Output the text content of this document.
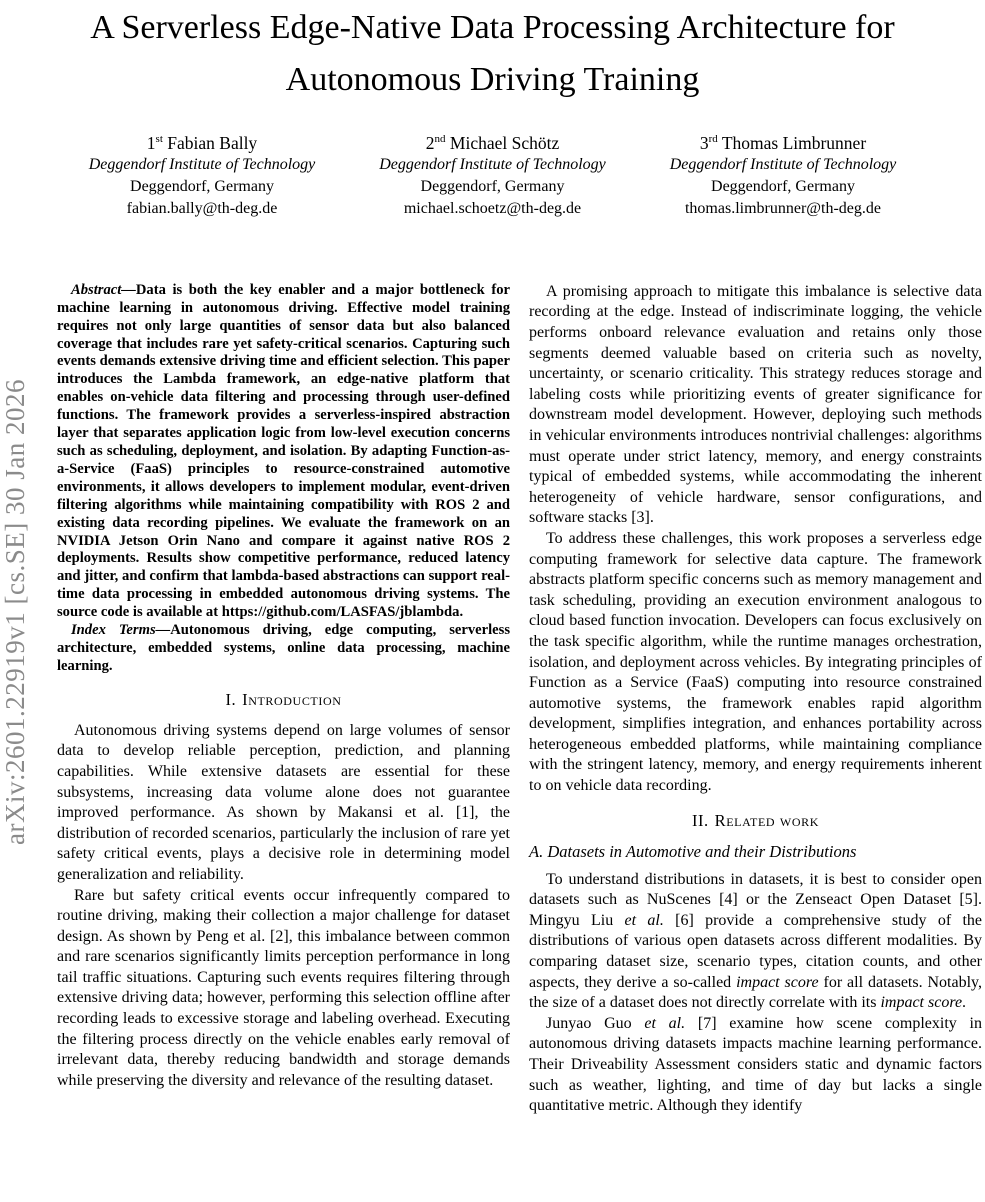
arXiv:2601.22919v1 [cs.SE] 30 Jan 2026
A Serverless Edge-Native Data Processing Architecture for Autonomous Driving Training
1st Fabian Bally
Deggendorf Institute of Technology
Deggendorf, Germany
fabian.bally@th-deg.de
2nd Michael Schötz
Deggendorf Institute of Technology
Deggendorf, Germany
michael.schoetz@th-deg.de
3rd Thomas Limbrunner
Deggendorf Institute of Technology
Deggendorf, Germany
thomas.limbrunner@th-deg.de

Abstract—Data is both the key enabler and a major bottleneck for machine learning in autonomous driving. Effective model training requires not only large quantities of sensor data but also balanced coverage that includes rare yet safety-critical scenarios. Capturing such events demands extensive driving time and efficient selection. This paper introduces the Lambda framework, an edge-native platform that enables on-vehicle data filtering and processing through user-defined functions. The framework provides a serverless-inspired abstraction layer that separates application logic from low-level execution concerns such as scheduling, deployment, and isolation. By adapting Function-as-a-Service (FaaS) principles to resource-constrained automotive environments, it allows developers to implement modular, event-driven filtering algorithms while maintaining compatibility with ROS 2 and existing data recording pipelines. We evaluate the framework on an NVIDIA Jetson Orin Nano and compare it against native ROS 2 deployments. Results show competitive performance, reduced latency and jitter, and confirm that lambda-based abstractions can support real-time data processing in embedded autonomous driving systems. The source code is available at https://github.com/LASFAS/jblambda.

Index Terms—Autonomous driving, edge computing, serverless architecture, embedded systems, online data processing, machine learning.

I. Introduction

Autonomous driving systems depend on large volumes of sensor data to develop reliable perception, prediction, and planning capabilities. While extensive datasets are essential for these subsystems, increasing data volume alone does not guarantee improved performance. As shown by Makansi et al. [1], the distribution of recorded scenarios, particularly the inclusion of rare yet safety critical events, plays a decisive role in determining model generalization and reliability.

Rare but safety critical events occur infrequently compared to routine driving, making their collection a major challenge for dataset design. As shown by Peng et al. [2], this imbalance between common and rare scenarios significantly limits perception performance in long tail traffic situations. Capturing such events requires filtering through extensive driving data; however, performing this selection offline after recording leads to excessive storage and labeling overhead. Executing the filtering process directly on the vehicle enables early removal of irrelevant data, thereby reducing bandwidth and storage demands while preserving the diversity and relevance of the resulting dataset.

A promising approach to mitigate this imbalance is selective data recording at the edge. Instead of indiscriminate logging, the vehicle performs onboard relevance evaluation and retains only those segments deemed valuable based on criteria such as novelty, uncertainty, or scenario criticality. This strategy reduces storage and labeling costs while prioritizing events of greater significance for downstream model development. However, deploying such methods in vehicular environments introduces nontrivial challenges: algorithms must operate under strict latency, memory, and energy constraints typical of embedded systems, while accommodating the inherent heterogeneity of vehicle hardware, sensor configurations, and software stacks [3].

To address these challenges, this work proposes a serverless edge computing framework for selective data capture. The framework abstracts platform specific concerns such as memory management and task scheduling, providing an execution environment analogous to cloud based function invocation. Developers can focus exclusively on the task specific algorithm, while the runtime manages orchestration, isolation, and deployment across vehicles. By integrating principles of Function as a Service (FaaS) computing into resource constrained automotive systems, the framework enables rapid algorithm development, simplifies integration, and enhances portability across heterogeneous embedded platforms, while maintaining compliance with the stringent latency, memory, and energy requirements inherent to on vehicle data recording.

II. Related work
A. Datasets in Automotive and their Distributions

To understand distributions in datasets, it is best to consider open datasets such as NuScenes [4] or the Zenseact Open Dataset [5]. Mingyu Liu et al. [6] provide a comprehensive study of the distributions of various open datasets across different modalities. By comparing dataset size, scenario types, citation counts, and other aspects, they derive a so-called impact score for all datasets. Notably, the size of a dataset does not directly correlate with its impact score.

Junyao Guo et al. [7] examine how scene complexity in autonomous driving datasets impacts machine learning performance. Their Driveability Assessment considers static and dynamic factors such as weather, lighting, and time of day but lacks a single quantitative metric. Although they identify
